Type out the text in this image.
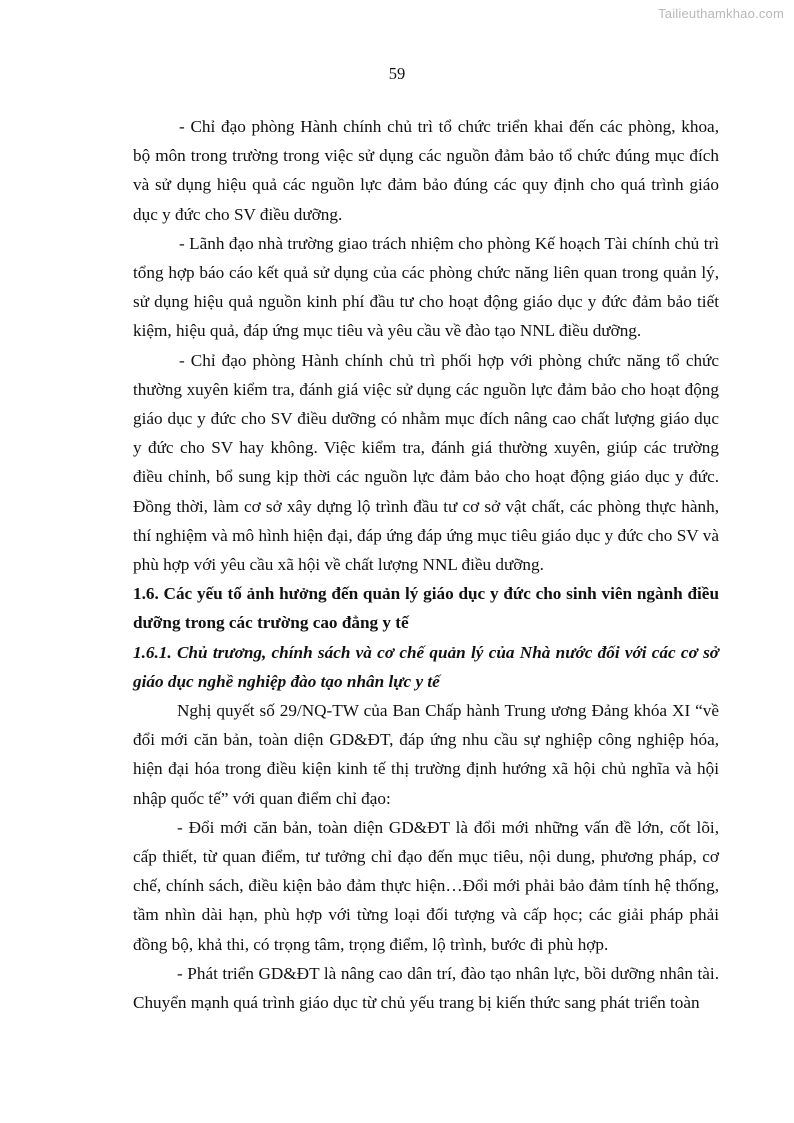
Tailieuthamkhao.com
59

- Chỉ đạo phòng Hành chính chủ trì tổ chức triển khai đến các phòng, khoa, bộ môn trong trường trong việc sử dụng các nguồn đảm bảo tổ chức đúng mục đích và sử dụng hiệu quả các nguồn lực đảm bảo đúng các quy định cho quá trình giáo dục y đức cho SV điều dưỡng.

- Lãnh đạo nhà trường giao trách nhiệm cho phòng Kế hoạch Tài chính chủ trì tổng hợp báo cáo kết quả sử dụng của các phòng chức năng liên quan trong quản lý, sử dụng hiệu quả nguồn kinh phí đầu tư cho hoạt động giáo dục y đức đảm bảo tiết kiệm, hiệu quả, đáp ứng mục tiêu và yêu cầu về đào tạo NNL điều dưỡng.

- Chỉ đạo phòng Hành chính chủ trì phối hợp với phòng chức năng tổ chức thường xuyên kiểm tra, đánh giá việc sử dụng các nguồn lực đảm bảo cho hoạt động giáo dục y đức cho SV điều dưỡng có nhằm mục đích nâng cao chất lượng giáo dục y đức cho SV hay không. Việc kiểm tra, đánh giá thường xuyên, giúp các trường điều chỉnh, bổ sung kịp thời các nguồn lực đảm bảo cho hoạt động giáo dục y đức. Đồng thời, làm cơ sở xây dựng lộ trình đầu tư cơ sở vật chất, các phòng thực hành, thí nghiệm và mô hình hiện đại, đáp ứng đáp ứng mục tiêu giáo dục y đức cho SV và phù hợp với yêu cầu xã hội về chất lượng NNL điều dưỡng.

1.6. Các yếu tố ảnh hưởng đến quản lý giáo dục y đức cho sinh viên ngành điều dưỡng trong các trường cao đẳng y tế

1.6.1. Chủ trương, chính sách và cơ chế quản lý của Nhà nước đối với các cơ sở giáo dục nghề nghiệp đào tạo nhân lực y tế

Nghị quyết số 29/NQ-TW của Ban Chấp hành Trung ương Đảng khóa XI “về đổi mới căn bản, toàn diện GD&ĐT, đáp ứng nhu cầu sự nghiệp công nghiệp hóa, hiện đại hóa trong điều kiện kinh tế thị trường định hướng xã hội chủ nghĩa và hội nhập quốc tế” với quan điểm chỉ đạo:

- Đổi mới căn bản, toàn diện GD&ĐT là đổi mới những vấn đề lớn, cốt lõi, cấp thiết, từ quan điểm, tư tưởng chỉ đạo đến mục tiêu, nội dung, phương pháp, cơ chế, chính sách, điều kiện bảo đảm thực hiện…Đổi mới phải bảo đảm tính hệ thống, tầm nhìn dài hạn, phù hợp với từng loại đối tượng và cấp học; các giải pháp phải đồng bộ, khả thi, có trọng tâm, trọng điểm, lộ trình, bước đi phù hợp.

- Phát triển GD&ĐT là nâng cao dân trí, đào tạo nhân lực, bồi dưỡng nhân tài. Chuyển mạnh quá trình giáo dục từ chủ yếu trang bị kiến thức sang phát triển toàn
